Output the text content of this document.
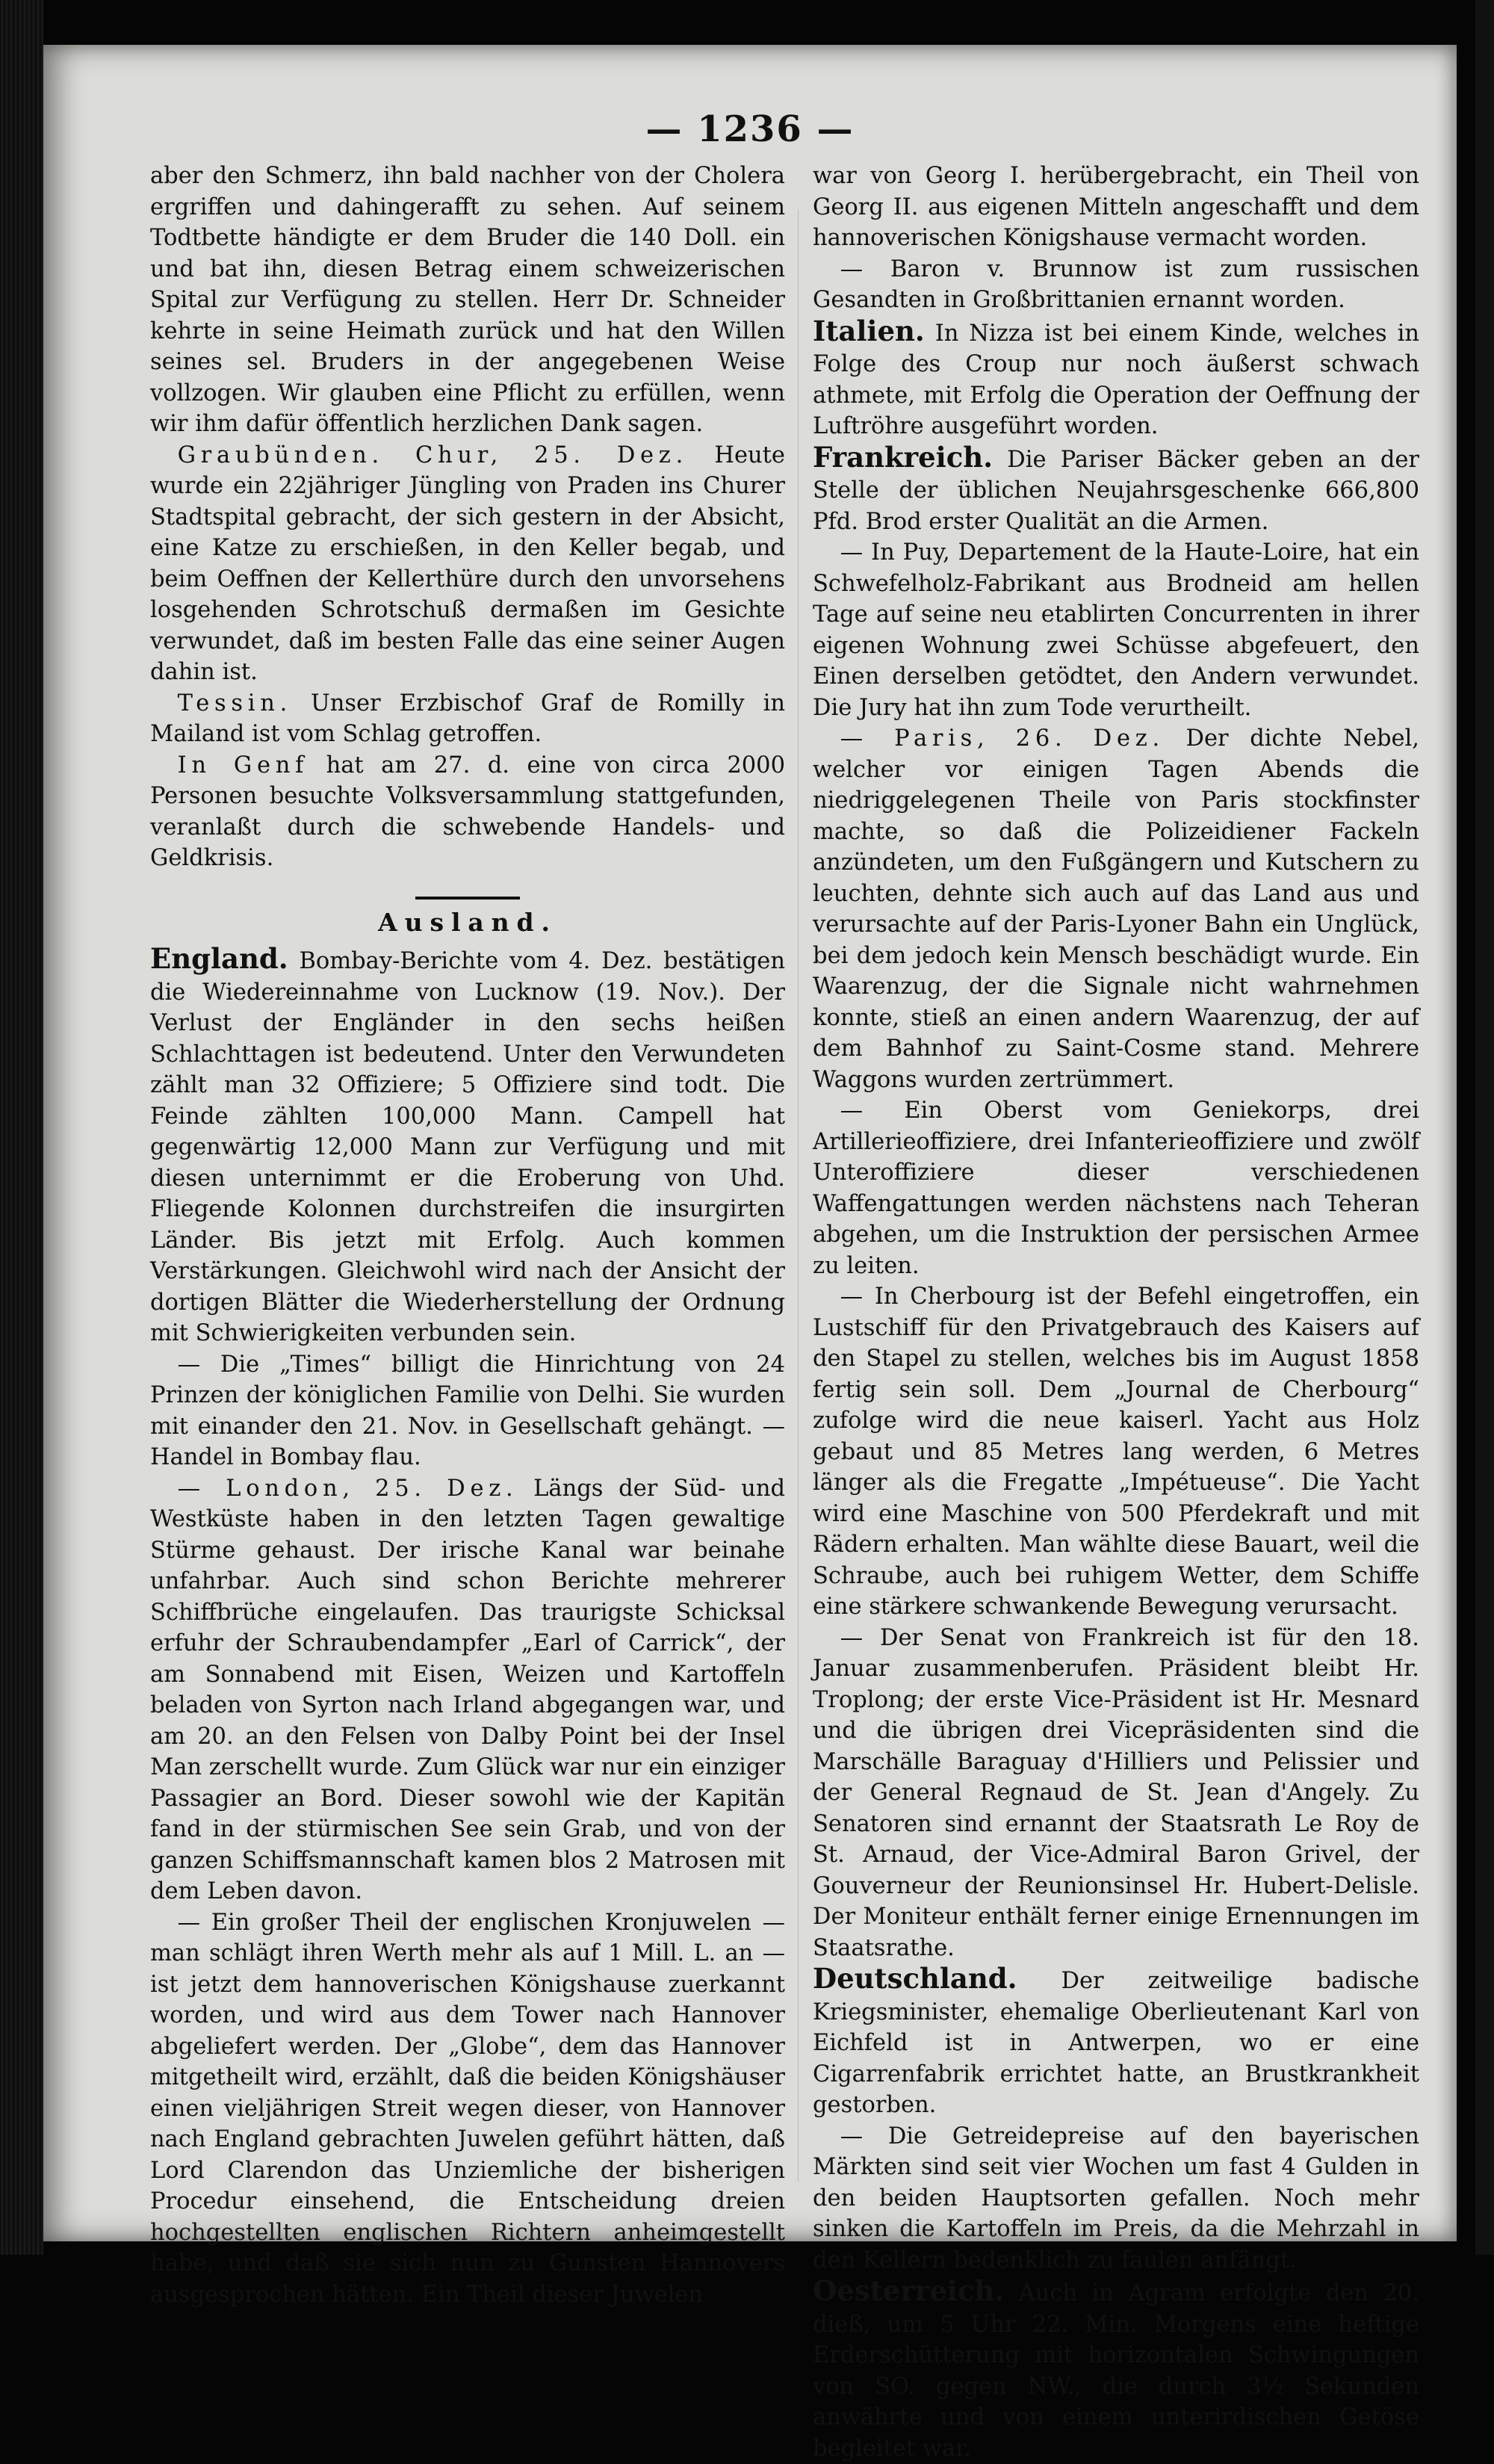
— 1236 —

aber den Schmerz, ihn bald nachher von der Cholera ergriffen und dahingerafft zu sehen. Auf seinem Todtbette händigte er dem Bruder die 140 Doll. ein und bat ihn, diesen Betrag einem schweizerischen Spital zur Verfügung zu stellen. Herr Dr. Schneider kehrte in seine Heimath zurück und hat den Willen seines sel. Bruders in der angegebenen Weise vollzogen. Wir glauben eine Pflicht zu erfüllen, wenn wir ihm dafür öffentlich herzlichen Dank sagen.

Graubünden. Chur, 25. Dez. Heute wurde ein 22jähriger Jüngling von Praden ins Churer Stadtspital gebracht, der sich gestern in der Absicht, eine Katze zu erschießen, in den Keller begab, und beim Oeffnen der Kellerthüre durch den unvorsehens losgehenden Schrotschuß dermaßen im Gesichte verwundet, daß im besten Falle das eine seiner Augen dahin ist.

Tessin. Unser Erzbischof Graf de Romilly in Mailand ist vom Schlag getroffen.

In Genf hat am 27. d. eine von circa 2000 Personen besuchte Volksversammlung stattgefunden, veranlaßt durch die schwebende Handels- und Geldkrisis.

Ausland.

England. Bombay-Berichte vom 4. Dez. bestätigen die Wiedereinnahme von Lucknow (19. Nov.). Der Verlust der Engländer in den sechs heißen Schlachttagen ist bedeutend. Unter den Verwundeten zählt man 32 Offiziere; 5 Offiziere sind todt. Die Feinde zählten 100,000 Mann. Campell hat gegenwärtig 12,000 Mann zur Verfügung und mit diesen unternimmt er die Eroberung von Uhd. Fliegende Kolonnen durchstreifen die insurgirten Länder. Bis jetzt mit Erfolg. Auch kommen Verstärkungen. Gleichwohl wird nach der Ansicht der dortigen Blätter die Wiederherstellung der Ordnung mit Schwierigkeiten verbunden sein.

— Die „Times“ billigt die Hinrichtung von 24 Prinzen der königlichen Familie von Delhi. Sie wurden mit einander den 21. Nov. in Gesellschaft gehängt. — Handel in Bombay flau.

— London, 25. Dez. Längs der Süd- und Westküste haben in den letzten Tagen gewaltige Stürme gehaust. Der irische Kanal war beinahe unfahrbar. Auch sind schon Berichte mehrerer Schiffbrüche eingelaufen. Das traurigste Schicksal erfuhr der Schraubendampfer „Earl of Carrick“, der am Sonnabend mit Eisen, Weizen und Kartoffeln beladen von Syrton nach Irland abgegangen war, und am 20. an den Felsen von Dalby Point bei der Insel Man zerschellt wurde. Zum Glück war nur ein einziger Passagier an Bord. Dieser sowohl wie der Kapitän fand in der stürmischen See sein Grab, und von der ganzen Schiffsmannschaft kamen blos 2 Matrosen mit dem Leben davon.

— Ein großer Theil der englischen Kronjuwelen — man schlägt ihren Werth mehr als auf 1 Mill. L. an — ist jetzt dem hannoverischen Königshause zuerkannt worden, und wird aus dem Tower nach Hannover abgeliefert werden. Der „Globe“, dem das Hannover mitgetheilt wird, erzählt, daß die beiden Königshäuser einen vieljährigen Streit wegen dieser, von Hannover nach England gebrachten Juwelen geführt hätten, daß Lord Clarendon das Unziemliche der bisherigen Procedur einsehend, die Entscheidung dreien hochgestellten englischen Richtern anheimgestellt habe, und daß sie sich nun zu Gunsten Hannovers ausgesprochen hätten. Ein Theil dieser Juwelen

war von Georg I. herübergebracht, ein Theil von Georg II. aus eigenen Mitteln angeschafft und dem hannoverischen Königshause vermacht worden.

— Baron v. Brunnow ist zum russischen Gesandten in Großbrittanien ernannt worden.

Italien. In Nizza ist bei einem Kinde, welches in Folge des Croup nur noch äußerst schwach athmete, mit Erfolg die Operation der Oeffnung der Luftröhre ausgeführt worden.

Frankreich. Die Pariser Bäcker geben an der Stelle der üblichen Neujahrsgeschenke 666,800 Pfd. Brod erster Qualität an die Armen.

— In Puy, Departement de la Haute-Loire, hat ein Schwefelholz-Fabrikant aus Brodneid am hellen Tage auf seine neu etablirten Concurrenten in ihrer eigenen Wohnung zwei Schüsse abgefeuert, den Einen derselben getödtet, den Andern verwundet. Die Jury hat ihn zum Tode verurtheilt.

— Paris, 26. Dez. Der dichte Nebel, welcher vor einigen Tagen Abends die niedriggelegenen Theile von Paris stockfinster machte, so daß die Polizeidiener Fackeln anzündeten, um den Fußgängern und Kutschern zu leuchten, dehnte sich auch auf das Land aus und verursachte auf der Paris-Lyoner Bahn ein Unglück, bei dem jedoch kein Mensch beschädigt wurde. Ein Waarenzug, der die Signale nicht wahrnehmen konnte, stieß an einen andern Waarenzug, der auf dem Bahnhof zu Saint-Cosme stand. Mehrere Waggons wurden zertrümmert.

— Ein Oberst vom Geniekorps, drei Artillerieoffiziere, drei Infanterieoffiziere und zwölf Unteroffiziere dieser verschiedenen Waffengattungen werden nächstens nach Teheran abgehen, um die Instruktion der persischen Armee zu leiten.

— In Cherbourg ist der Befehl eingetroffen, ein Lustschiff für den Privatgebrauch des Kaisers auf den Stapel zu stellen, welches bis im August 1858 fertig sein soll. Dem „Journal de Cherbourg“ zufolge wird die neue kaiserl. Yacht aus Holz gebaut und 85 Metres lang werden, 6 Metres länger als die Fregatte „Impétueuse“. Die Yacht wird eine Maschine von 500 Pferdekraft und mit Rädern erhalten. Man wählte diese Bauart, weil die Schraube, auch bei ruhigem Wetter, dem Schiffe eine stärkere schwankende Bewegung verursacht.

— Der Senat von Frankreich ist für den 18. Januar zusammenberufen. Präsident bleibt Hr. Troplong; der erste Vice-Präsident ist Hr. Mesnard und die übrigen drei Vicepräsidenten sind die Marschälle Baraguay d'Hilliers und Pelissier und der General Regnaud de St. Jean d'Angely. Zu Senatoren sind ernannt der Staatsrath Le Roy de St. Arnaud, der Vice-Admiral Baron Grivel, der Gouverneur der Reunionsinsel Hr. Hubert-Delisle. Der Moniteur enthält ferner einige Ernennungen im Staatsrathe.

Deutschland. Der zeitweilige badische Kriegsminister, ehemalige Oberlieutenant Karl von Eichfeld ist in Antwerpen, wo er eine Cigarrenfabrik errichtet hatte, an Brustkrankheit gestorben.

— Die Getreidepreise auf den bayerischen Märkten sind seit vier Wochen um fast 4 Gulden in den beiden Hauptsorten gefallen. Noch mehr sinken die Kartoffeln im Preis, da die Mehrzahl in den Kellern bedenklich zu faulen anfängt.

Oesterreich. Auch in Agram erfolgte den 20. dieß, um 5 Uhr 22. Min. Morgens eine heftige Erderschütterung mit horizontalen Schwingungen von SO. gegen NW., die durch 3½ Sekunden anwährte und von einem unterirdischen Getöse begleitet war.
